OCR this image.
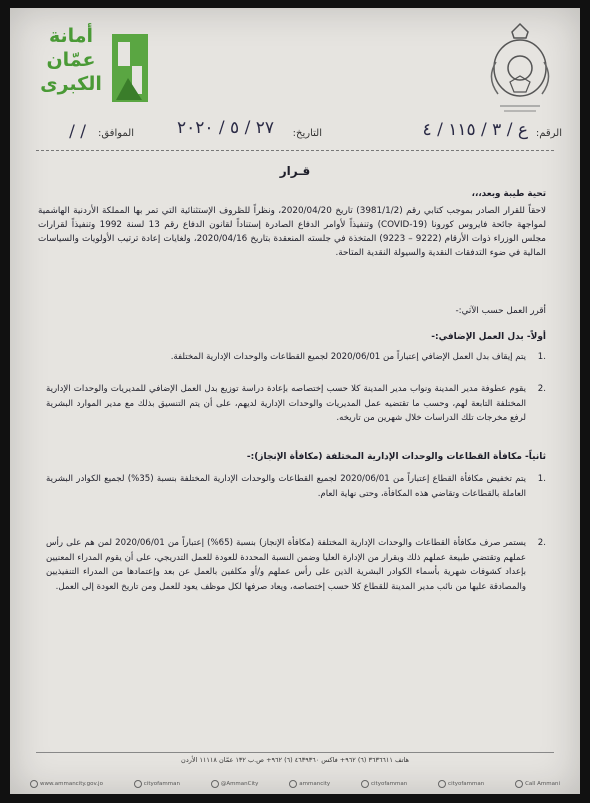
أمانة
عمّان
الكبرى
الرقم:
ع / ٣ / ١١٥ / ٤
التاريخ:
٢٧ / ٥ / ٢٠٢٠
الموافق:
/ /
قـرار
تحية طيبة وبعد،،،
لاحقاً للقرار الصادر بموجب كتابي رقم (3981/1/2) تاريخ 2020/04/20، ونظراً للظروف الإستثنائية التي تمر بها المملكة الأردنية الهاشمية لمواجهة جائحة فايروس كورونا (COVID-19) وتنفيذاً لأوامر الدفاع الصادرة إستناداً لقانون الدفاع رقم 13 لسنة 1992 وتنفيذاً لقرارات مجلس الوزراء ذوات الأرقام (9222 – 9223) المتخذة في جلسته المنعقدة بتاريخ 2020/04/16، ولغايات إعادة ترتيب الأولويات والسياسات المالية في ضوء التدفقات النقدية والسيولة النقدية المتاحة.
أقرر العمل حسب الآتي:-
أولاً- بدل العمل الإضافي:-
.1
يتم إيقاف بدل العمل الإضافي إعتباراً من 2020/06/01 لجميع القطاعات والوحدات الإدارية المختلفة.
.2
يقوم عطوفة مدير المدينة ونواب مدير المدينة كلا حسب إختصاصه بإعادة دراسة توزيع بدل العمل الإضافي للمديريات والوحدات الإدارية المختلفة التابعة لهم، وحسب ما تقتضيه عمل المديريات والوحدات الإدارية لديهم، على أن يتم التنسيق بذلك مع مدير الموارد البشرية لرفع مخرجات تلك الدراسات خلال شهرين من تاريخه.
ثانياً- مكافأة القطاعات والوحدات الإدارية المختلفة (مكافأة الإنجاز):-
.1
يتم تخفيض مكافأة القطاع إعتباراً من 2020/06/01 لجميع القطاعات والوحدات الإدارية المختلفة بنسبة (35%) لجميع الكوادر البشرية العاملة بالقطاعات وتقاضي هذه المكافأة، وحتى نهاية العام.
.2
يستمر صرف مكافأة القطاعات والوحدات الإدارية المختلفة (مكافأة الإنجاز) بنسبة (65%) إعتباراً من 2020/06/01 لمن هم على رأس عملهم وتقتضي طبيعة عملهم ذلك وبقرار من الإدارة العليا وضمن النسبة المحددة للعودة للعمل التدريجي، على أن يقوم المدراء المعنيين بإعداد كشوفات شهرية بأسماء الكوادر البشرية الذين على رأس عملهم و/أو مكلفين بالعمل عن بعد وإعتمادها من المدراء التنفيذيين والمصادقة عليها من نائب مدير المدينة للقطاع كلا حسب إختصاصه، ويعاد صرفها لكل موظف يعود للعمل ومن تاريخ العودة إلى العمل.
هاتف ٣٦٣٦٦١١ (٦) ٩٦٢+ فاكس ٤٦٣٩٣٦٠ (٦) ٩٦٢+ ص.ب ١٣٢ عمّان ١١١١٨ الأردن
www.ammancity.gov.jo	cityofamman	@AmmanCity	ammancity	cityofamman	cityofamman	Call Ammani
